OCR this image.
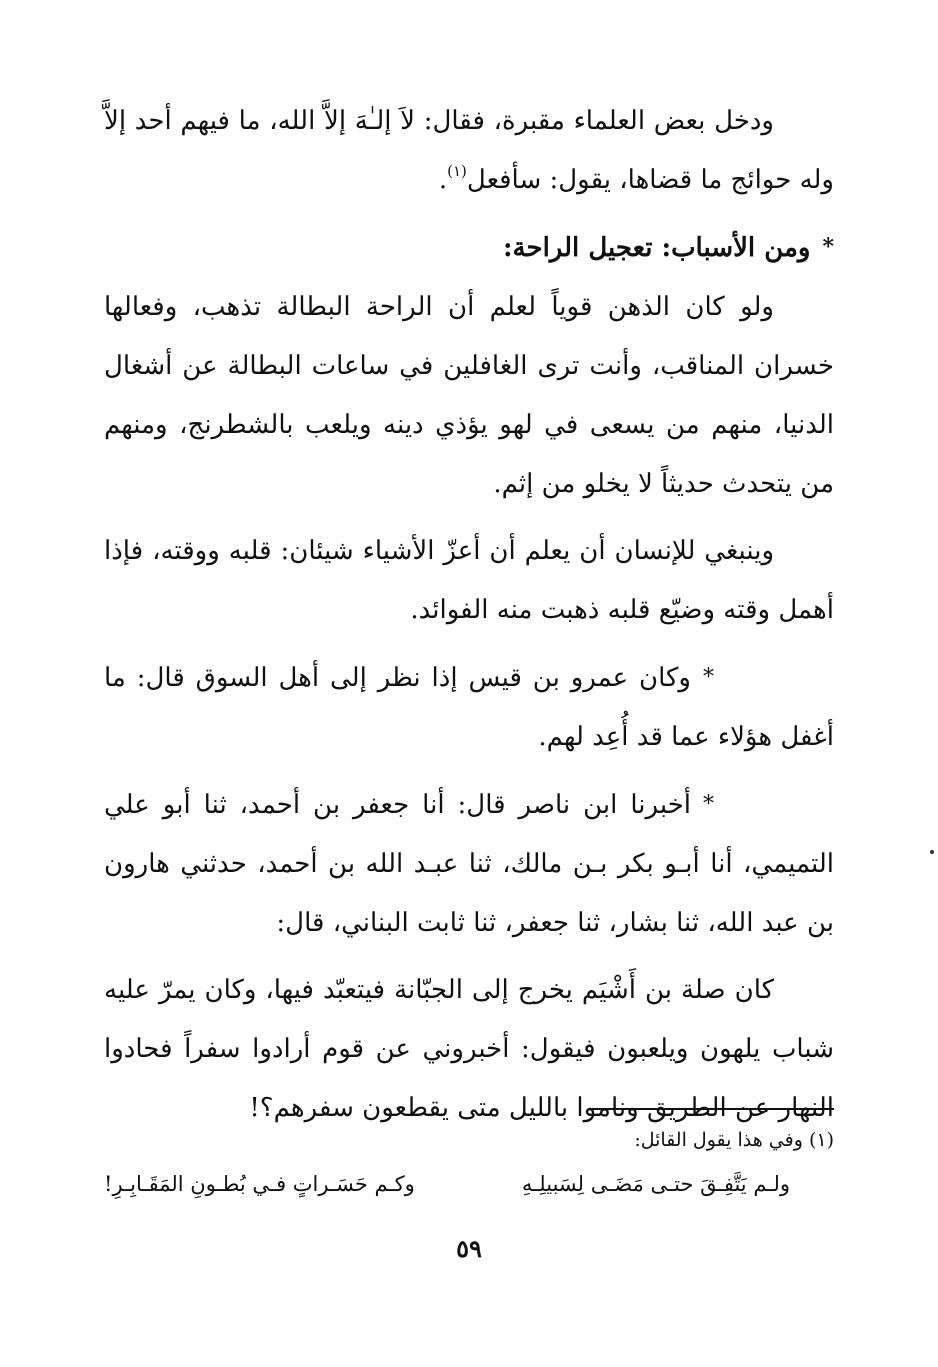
ودخل بعض العلماء مقبرة، فقال: لاَ إلـٰهَ إلاَّ الله، ما فيهم أحد إلاَّ وله حوائج ما قضاها، يقول: سأفعل$^{(١)}$.

*ومن الأسباب: تعجيل الراحة:

ولو كان الذهن قوياً لعلم أن الراحة البطالة تذهب، وفعالها خسران المناقب، وأنت ترى الغافلين في ساعات البطالة عن أشغال الدنيا، منهم من يسعى في لهو يؤذي دينه ويلعب بالشطرنج، ومنهم من يتحدث حديثاً لا يخلو من إثم.

وينبغي للإنسان أن يعلم أن أعزّ الأشياء شيئان: قلبه ووقته، فإذا أهمل وقته وضيّع قلبه ذهبت منه الفوائد.

*وكان عمرو بن قيس إذا نظر إلى أهل السوق قال: ما أغفل هؤلاء عما قد أُعِد لهم.

*أخبرنا ابن ناصر قال: أنا جعفر بن أحمد، ثنا أبو علي التميمي، أنا أبـو بكر بـن مالك، ثنا عبـد الله بن أحمد، حدثني هارون بن عبد الله، ثنا بشار، ثنا جعفر، ثنا ثابت البناني، قال:

كان صلة بن أَشْيَم يخرج إلى الجبّانة فيتعبّد فيها، وكان يمرّ عليه شباب يلهون ويلعبون فيقول: أخبروني عن قوم أرادوا سفراً فحادوا النهار عن الطريق وناموا بالليل متى يقطعون سفرهم؟!

(١) وفي هذا يقول القائل:

ولـم يَتَّفِـقَ حتـى مَضَـى لِسَبيلِـهِ
وكـم حَسَـراتٍ فـي بُطـونِ المَقَـابِـرِ!
٥٩
